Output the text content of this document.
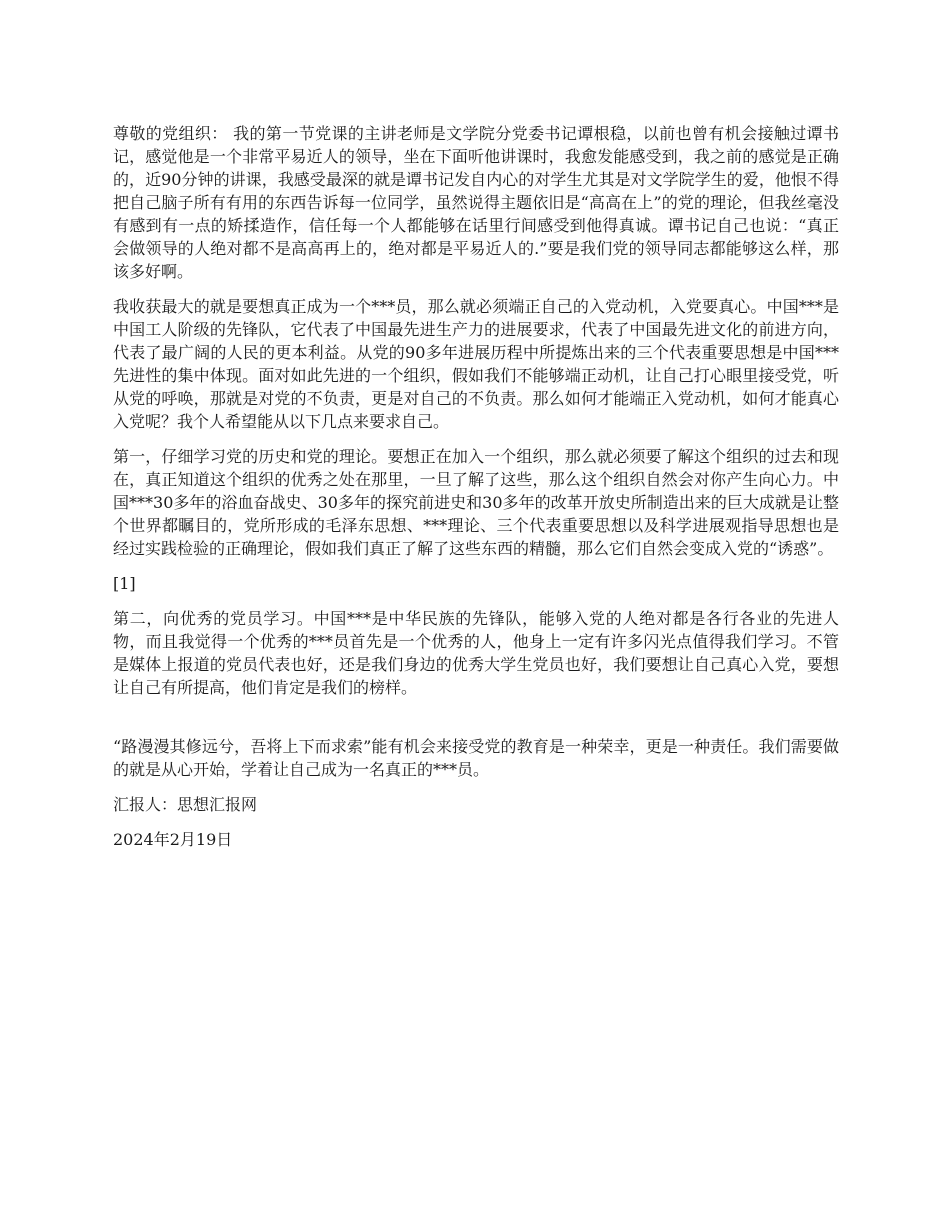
尊敬的党组织： 我的第一节党课的主讲老师是文学院分党委书记谭根稳，以前也曾有机会接触过谭书记，感觉他是一个非常平易近人的领导，坐在下面听他讲课时，我愈发能感受到，我之前的感觉是正确的，近90分钟的讲课，我感受最深的就是谭书记发自内心的对学生尤其是对文学院学生的爱，他恨不得把自己脑子所有有用的东西告诉每一位同学，虽然说得主题依旧是“高高在上”的党的理论，但我丝毫没有感到有一点的矫揉造作，信任每一个人都能够在话里行间感受到他得真诚。谭书记自己也说：“真正会做领导的人绝对都不是高高再上的，绝对都是平易近人的.”要是我们党的领导同志都能够这么样，那该多好啊。

我收获最大的就是要想真正成为一个***员，那么就必须端正自己的入党动机，入党要真心。中国***是中国工人阶级的先锋队，它代表了中国最先进生产力的进展要求，代表了中国最先进文化的前进方向，代表了最广阔的人民的更本利益。从党的90多年进展历程中所提炼出来的三个代表重要思想是中国***先进性的集中体现。面对如此先进的一个组织，假如我们不能够端正动机，让自己打心眼里接受党，听从党的呼唤，那就是对党的不负责，更是对自己的不负责。那么如何才能端正入党动机，如何才能真心入党呢？我个人希望能从以下几点来要求自己。

第一，仔细学习党的历史和党的理论。要想正在加入一个组织，那么就必须要了解这个组织的过去和现在，真正知道这个组织的优秀之处在那里，一旦了解了这些，那么这个组织自然会对你产生向心力。中国***30多年的浴血奋战史、30多年的探究前进史和30多年的改革开放史所制造出来的巨大成就是让整个世界都瞩目的，党所形成的毛泽东思想、***理论、三个代表重要思想以及科学进展观指导思想也是经过实践检验的正确理论，假如我们真正了解了这些东西的精髓，那么它们自然会变成入党的“诱惑”。

[1]

第二，向优秀的党员学习。中国***是中华民族的先锋队，能够入党的人绝对都是各行各业的先进人物，而且我觉得一个优秀的***员首先是一个优秀的人，他身上一定有许多闪光点值得我们学习。不管是媒体上报道的党员代表也好，还是我们身边的优秀大学生党员也好，我们要想让自己真心入党，要想让自己有所提高，他们肯定是我们的榜样。

“路漫漫其修远兮，吾将上下而求索”能有机会来接受党的教育是一种荣幸，更是一种责任。我们需要做的就是从心开始，学着让自己成为一名真正的***员。

汇报人：思想汇报网

2024年2月19日
